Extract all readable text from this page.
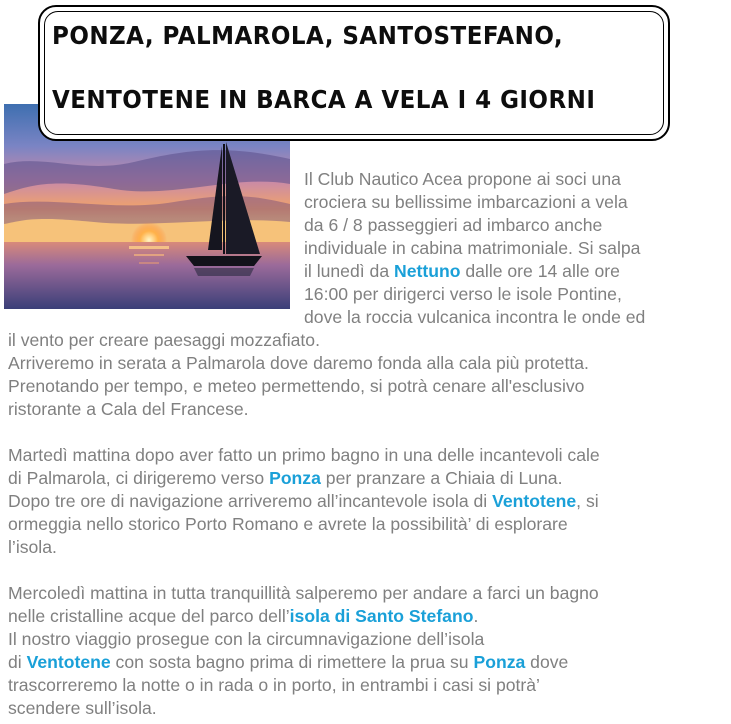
PONZA, PALMAROLA, SANTOSTEFANO,
VENTOTENE IN BARCA A VELA I 4 GIORNI
Il Club Nautico Acea propone ai soci una
crociera su bellissime imbarcazioni a vela
da 6 / 8 passeggieri ad imbarco anche
individuale in cabina matrimoniale. Si salpa
il lunedì da Nettuno dalle ore 14 alle ore
16:00 per dirigerci verso le isole Pontine,
dove la roccia vulcanica incontra le onde ed
il vento per creare paesaggi mozzafiato.
Arriveremo in serata a Palmarola dove daremo fonda alla cala più protetta.
Prenotando per tempo, e meteo permettendo, si potrà cenare all'esclusivo
ristorante a Cala del Francese.
Martedì mattina dopo aver fatto un primo bagno in una delle incantevoli cale
di Palmarola, ci dirigeremo verso Ponza per pranzare a Chiaia di Luna.
Dopo tre ore di navigazione arriveremo all’incantevole isola di Ventotene, si
ormeggia nello storico Porto Romano e avrete la possibilità’ di esplorare
l’isola.
Mercoledì mattina in tutta tranquillità salperemo per andare a farci un bagno
nelle cristalline acque del parco dell’isola di Santo Stefano.
Il nostro viaggio prosegue con la circumnavigazione dell’isola
di Ventotene con sosta bagno prima di rimettere la prua su Ponza dove
trascorreremo la notte o in rada o in porto, in entrambi i casi si potrà’
scendere sull’isola.
